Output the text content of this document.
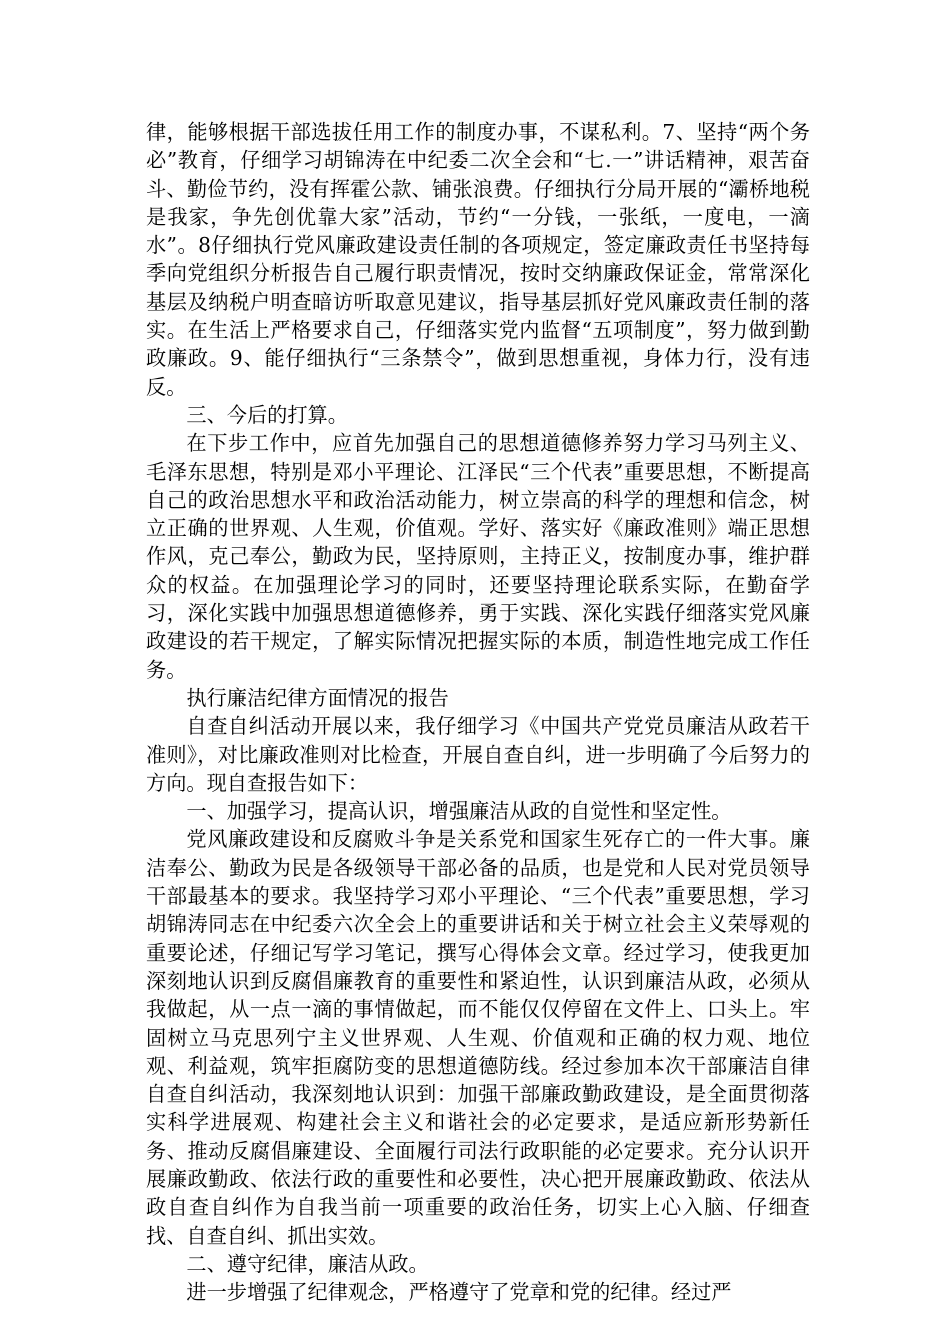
律，能够根据干部选拔任用工作的制度办事，不谋私利。7、坚持“两个务必”教育，仔细学习胡锦涛在中纪委二次全会和“七.一”讲话精神，艰苦奋斗、勤俭节约，没有挥霍公款、铺张浪费。仔细执行分局开展的“灞桥地税是我家，争先创优靠大家”活动，节约“一分钱，一张纸，一度电，一滴水”。8仔细执行党风廉政建设责任制的各项规定，签定廉政责任书坚持每季向党组织分析报告自己履行职责情况，按时交纳廉政保证金，常常深化基层及纳税户明查暗访听取意见建议，指导基层抓好党风廉政责任制的落实。在生活上严格要求自己，仔细落实党内监督“五项制度”，努力做到勤政廉政。9、能仔细执行“三条禁令”，做到思想重视，身体力行，没有违反。

三、今后的打算。

在下步工作中，应首先加强自己的思想道德修养努力学习马列主义、毛泽东思想，特别是邓小平理论、江泽民“三个代表”重要思想，不断提高自己的政治思想水平和政治活动能力，树立崇高的科学的理想和信念，树立正确的世界观、人生观，价值观。学好、落实好《廉政准则》端正思想作风，克己奉公，勤政为民，坚持原则，主持正义，按制度办事，维护群众的权益。在加强理论学习的同时，还要坚持理论联系实际，在勤奋学习，深化实践中加强思想道德修养，勇于实践、深化实践仔细落实党风廉政建设的若干规定，了解实际情况把握实际的本质，制造性地完成工作任务。

执行廉洁纪律方面情况的报告

自查自纠活动开展以来，我仔细学习《中国共产党党员廉洁从政若干准则》，对比廉政准则对比检查，开展自查自纠，进一步明确了今后努力的方向。现自查报告如下：

一、加强学习，提高认识，增强廉洁从政的自觉性和坚定性。

党风廉政建设和反腐败斗争是关系党和国家生死存亡的一件大事。廉洁奉公、勤政为民是各级领导干部必备的品质，也是党和人民对党员领导干部最基本的要求。我坚持学习邓小平理论、“三个代表”重要思想，学习胡锦涛同志在中纪委六次全会上的重要讲话和关于树立社会主义荣辱观的重要论述，仔细记写学习笔记，撰写心得体会文章。经过学习，使我更加深刻地认识到反腐倡廉教育的重要性和紧迫性，认识到廉洁从政，必须从我做起，从一点一滴的事情做起，而不能仅仅停留在文件上、口头上。牢固树立马克思列宁主义世界观、人生观、价值观和正确的权力观、地位观、利益观，筑牢拒腐防变的思想道德防线。经过参加本次干部廉洁自律自查自纠活动，我深刻地认识到：加强干部廉政勤政建设，是全面贯彻落实科学进展观、构建社会主义和谐社会的必定要求，是适应新形势新任务、推动反腐倡廉建设、全面履行司法行政职能的必定要求。充分认识开展廉政勤政、依法行政的重要性和必要性，决心把开展廉政勤政、依法从政自查自纠作为自我当前一项重要的政治任务，切实上心入脑、仔细查找、自查自纠、抓出实效。

二、遵守纪律，廉洁从政。

进一步增强了纪律观念，严格遵守了党章和党的纪律。经过严
